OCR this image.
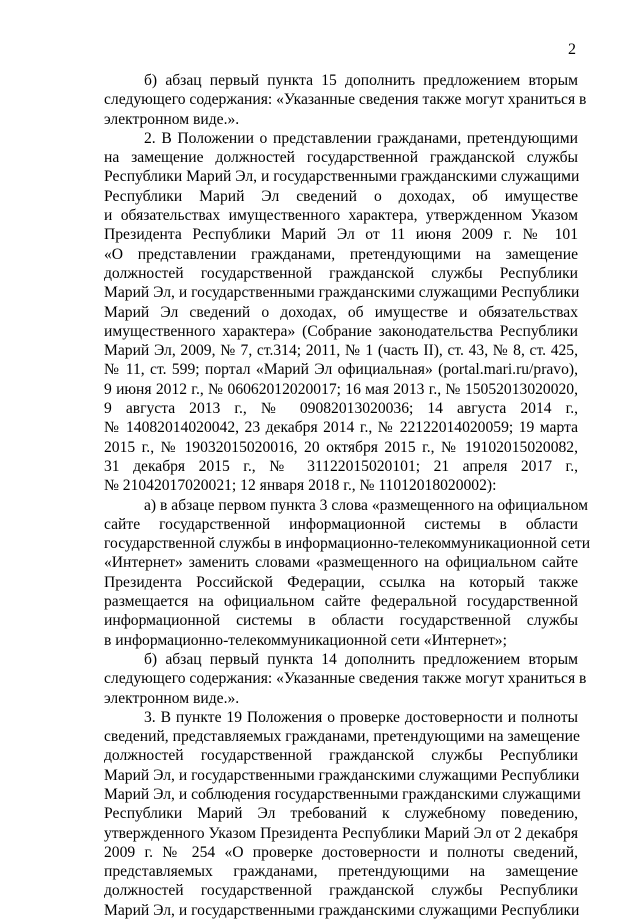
2
б) абзац первый пункта 15 дополнить предложением вторым
следующего содержания: «Указанные сведения также могут храниться в
электронном виде.».
2. В Положении о представлении гражданами, претендующими
на замещение должностей государственной гражданской службы
Республики Марий Эл, и государственными гражданскими служащими
Республики Марий Эл сведений о доходах, об имуществе
и обязательствах имущественного характера, утвержденном Указом
Президента Республики Марий Эл от 11 июня 2009 г. № 101
«О представлении гражданами, претендующими на замещение
должностей государственной гражданской службы Республики
Марий Эл, и государственными гражданскими служащими Республики
Марий Эл сведений о доходах, об имуществе и обязательствах
имущественного характера» (Собрание законодательства Республики
Марий Эл, 2009, № 7, ст.314; 2011, № 1 (часть II), ст. 43, № 8, ст. 425,
№ 11, ст. 599; портал «Марий Эл официальная» (portal.mari.ru/pravo),
9 июня 2012 г., № 06062012020017; 16 мая 2013 г., № 15052013020020,
9 августа 2013 г., № 09082013020036; 14 августа 2014 г.,
№ 14082014020042, 23 декабря 2014 г., № 22122014020059; 19 марта
2015 г., № 19032015020016, 20 октября 2015 г., № 19102015020082,
31 декабря 2015 г., № 31122015020101; 21 апреля 2017 г.,
№ 21042017020021; 12 января 2018 г., № 11012018020002):
а) в абзаце первом пункта 3 слова «размещенного на официальном
сайте государственной информационной системы в области
государственной службы в информационно-телекоммуникационной сети
«Интернет» заменить словами «размещенного на официальном сайте
Президента Российской Федерации, ссылка на который также
размещается на официальном сайте федеральной государственной
информационной системы в области государственной службы
в информационно-телекоммуникационной сети «Интернет»;
б) абзац первый пункта 14 дополнить предложением вторым
следующего содержания: «Указанные сведения также могут храниться в
электронном виде.».
3. В пункте 19 Положения о проверке достоверности и полноты
сведений, представляемых гражданами, претендующими на замещение
должностей государственной гражданской службы Республики
Марий Эл, и государственными гражданскими служащими Республики
Марий Эл, и соблюдения государственными гражданскими служащими
Республики Марий Эл требований к служебному поведению,
утвержденного Указом Президента Республики Марий Эл от 2 декабря
2009 г. № 254 «О проверке достоверности и полноты сведений,
представляемых гражданами, претендующими на замещение
должностей государственной гражданской службы Республики
Марий Эл, и государственными гражданскими служащими Республики
